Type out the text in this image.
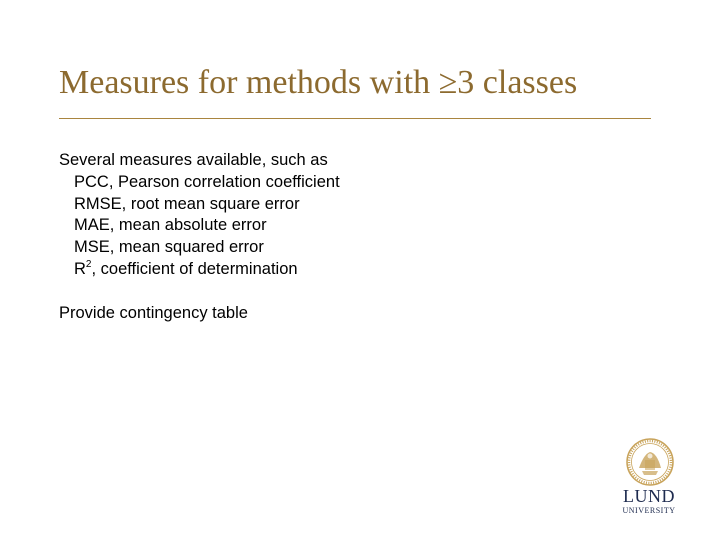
Measures for methods with ≥3 classes
Several measures available, such as
PCC, Pearson correlation coefficient
RMSE, root mean square error
MAE, mean absolute error
MSE, mean squared error
$R^2$, coefficient of determination
Provide contingency table
LUND
UNIVERSITY
